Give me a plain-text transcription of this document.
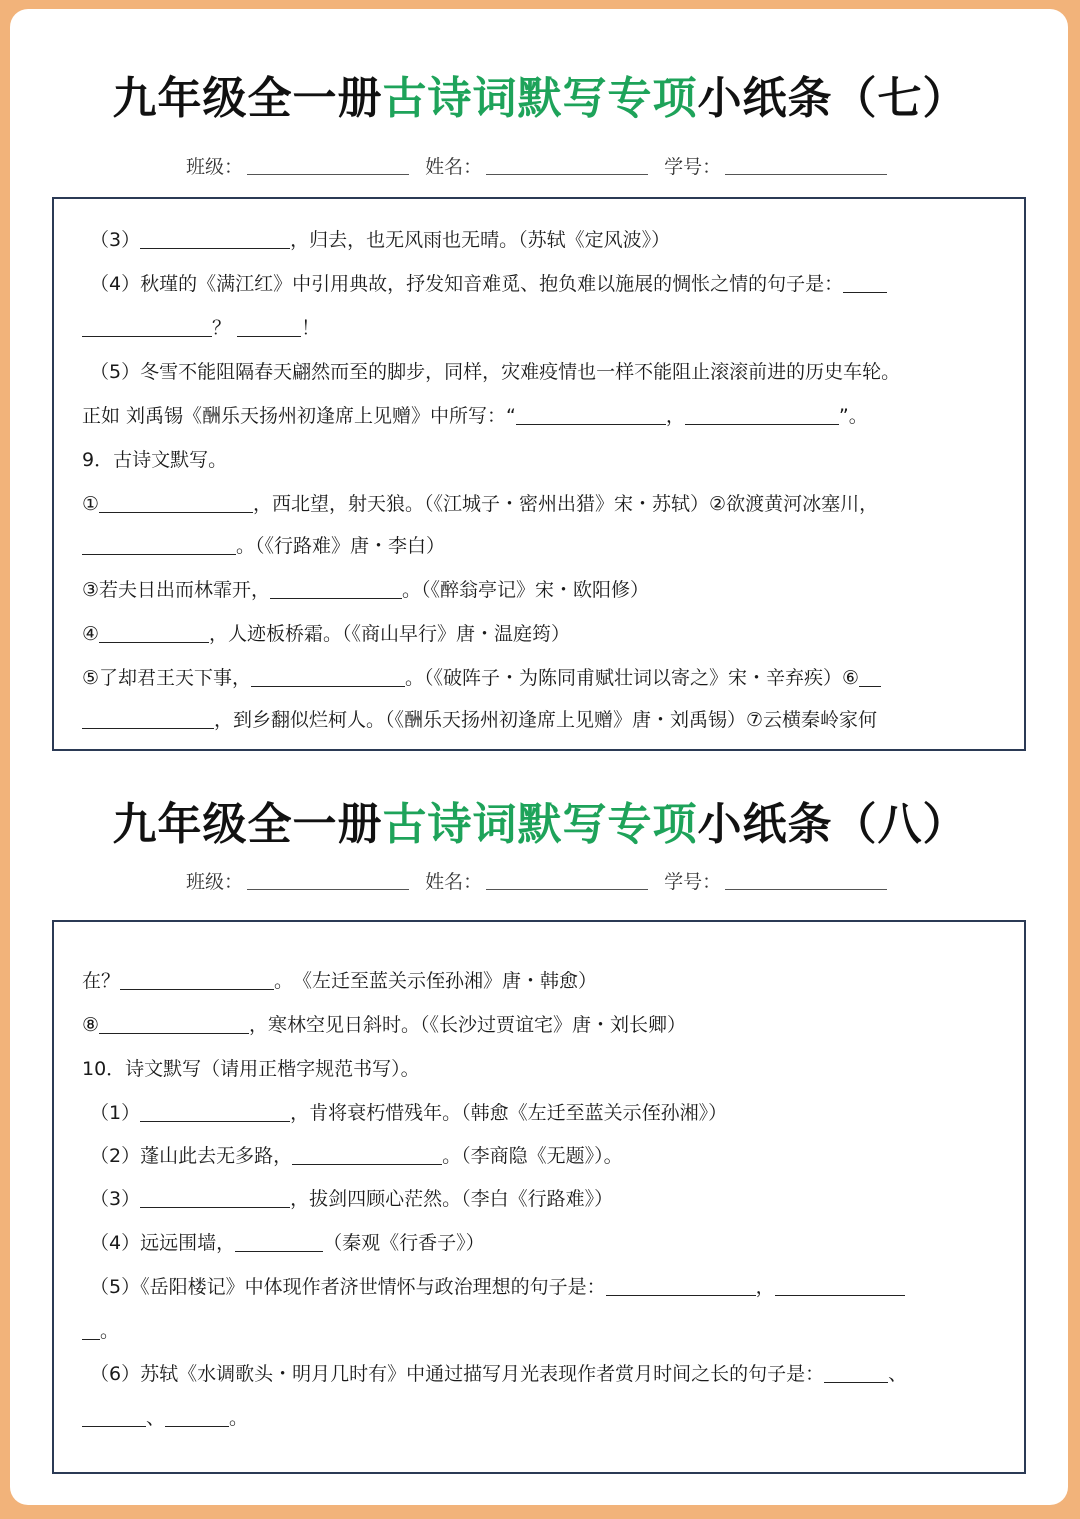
九年级全一册古诗词默写专项小纸条（七）
班级：	姓名：	学号：
（3）	，归去，也无风雨也无晴。（苏轼《定风波》）
（4）秋瑾的《满江红》中引用典故，抒发知音难觅、抱负难以施展的惆怅之情的句子是：
？	！
（5）冬雪不能阻隔春天翩然而至的脚步，同样，灾难疫情也一样不能阻止滚滚前进的历史车轮。
正如 刘禹锡《酬乐天扬州初逢席上见赠》中所写：“	，	”。
9．古诗文默写。
①	，西北望，射天狼。（《江城子・密州出猎》宋・苏轼）②欲渡黄河冰塞川，
。（《行路难》唐・李白）
③若夫日出而林霏开，	。（《醉翁亭记》宋・欧阳修）
④	，人迹板桥霜。（《商山早行》唐・温庭筠）
⑤了却君王天下事，	。（《破阵子・为陈同甫赋壮词以寄之》宋・辛弃疾）⑥
，到乡翻似烂柯人。（《酬乐天扬州初逢席上见赠》唐・刘禹锡）⑦云横秦岭家何
九年级全一册古诗词默写专项小纸条（八）
班级：	姓名：	学号：
在？	。　《左迁至蓝关示侄孙湘》唐・韩愈）
⑧	，寒林空见日斜时。（《长沙过贾谊宅》唐・刘长卿）
10．诗文默写（请用正楷字规范书写）。
（1）	，肯将衰朽惜残年。（韩愈《左迁至蓝关示侄孙湘》）
（2）蓬山此去无多路，	。（李商隐《无题》）。
（3）	，拔剑四顾心茫然。（李白《行路难》）
（4）远远围墙，	（秦观《行香子》）
（5）《岳阳楼记》中体现作者济世情怀与政治理想的句子是：	，
。
（6）苏轼《水调歌头・明月几时有》中通过描写月光表现作者赏月时间之长的句子是：	、
、	。
